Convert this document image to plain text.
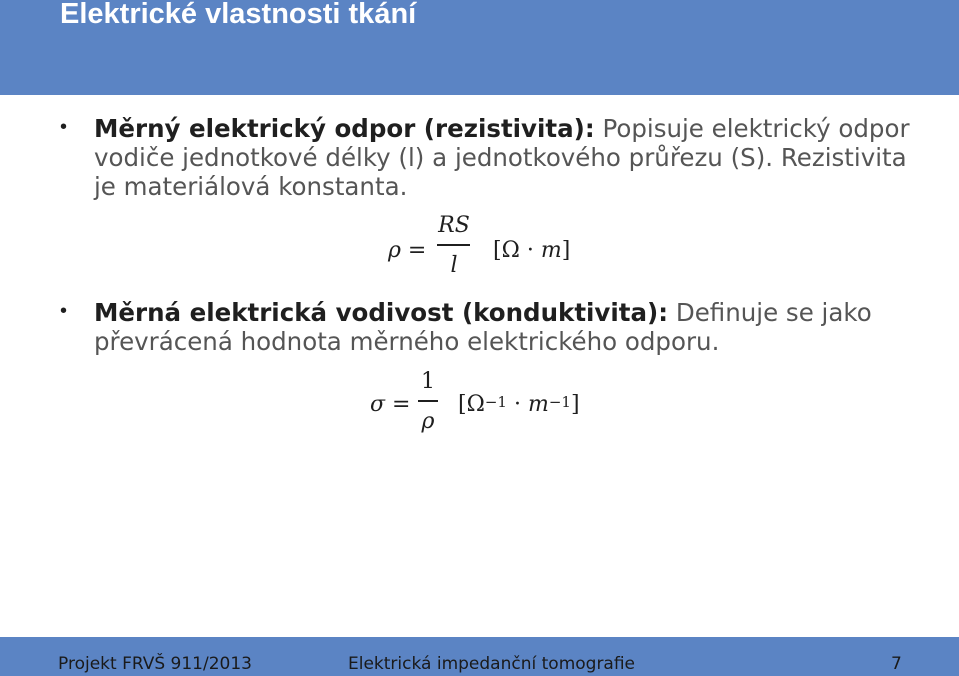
Elektrické vlastnosti tkání
• Měrný elektrický odpor (rezistivita): Popisuje elektrický odpor vodiče jednotkové délky (l) a jednotkového průřezu (S). Rezistivita je materiálová konstanta.
ρ =
RS
l
[Ω · m]
• Měrná elektrická vodivost (konduktivita): Definuje se jako převrácená hodnota měrného elektrického odporu.
σ =
1
ρ
$[\Omega^{-1} \cdot m^{-1}]$
Projekt FRVŠ 911/2013	Elektrická impedanční tomografie	7
